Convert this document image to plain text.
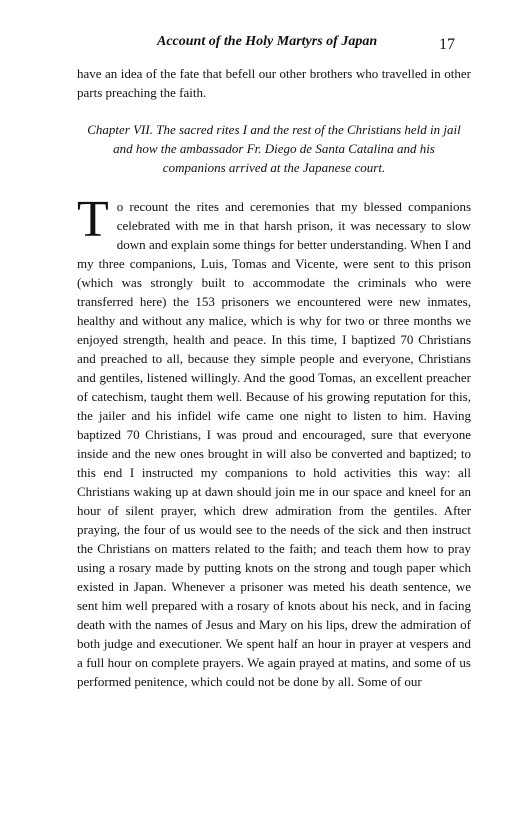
Account of the Holy Martyrs of Japan	17

have an idea of the fate that befell our other brothers who travelled in other parts preaching the faith.

Chapter VII. The sacred rites I and the rest of the Christians held in jail and how the ambassador Fr. Diego de Santa Catalina and his companions arrived at the Japanese court.

To recount the rites and ceremonies that my blessed companions celebrated with me in that harsh prison, it was necessary to slow down and explain some things for better understanding. When I and my three companions, Luis, Tomas and Vicente, were sent to this prison (which was strongly built to accommodate the criminals who were transferred here) the 153 prisoners we encountered were new inmates, healthy and without any malice, which is why for two or three months we enjoyed strength, health and peace. In this time, I baptized 70 Christians and preached to all, because they simple people and everyone, Christians and gentiles, listened willingly. And the good Tomas, an excellent preacher of catechism, taught them well. Because of his growing reputation for this, the jailer and his infidel wife came one night to listen to him. Having baptized 70 Christians, I was proud and encouraged, sure that everyone inside and the new ones brought in will also be converted and baptized; to this end I instructed my companions to hold activities this way: all Christians waking up at dawn should join me in our space and kneel for an hour of silent prayer, which drew admiration from the gentiles. After praying, the four of us would see to the needs of the sick and then instruct the Christians on matters related to the faith; and teach them how to pray using a rosary made by putting knots on the strong and tough paper which existed in Japan. Whenever a prisoner was meted his death sentence, we sent him well prepared with a rosary of knots about his neck, and in facing death with the names of Jesus and Mary on his lips, drew the admiration of both judge and executioner. We spent half an hour in prayer at vespers and a full hour on complete prayers. We again prayed at matins, and some of us performed penitence, which could not be done by all. Some of our
